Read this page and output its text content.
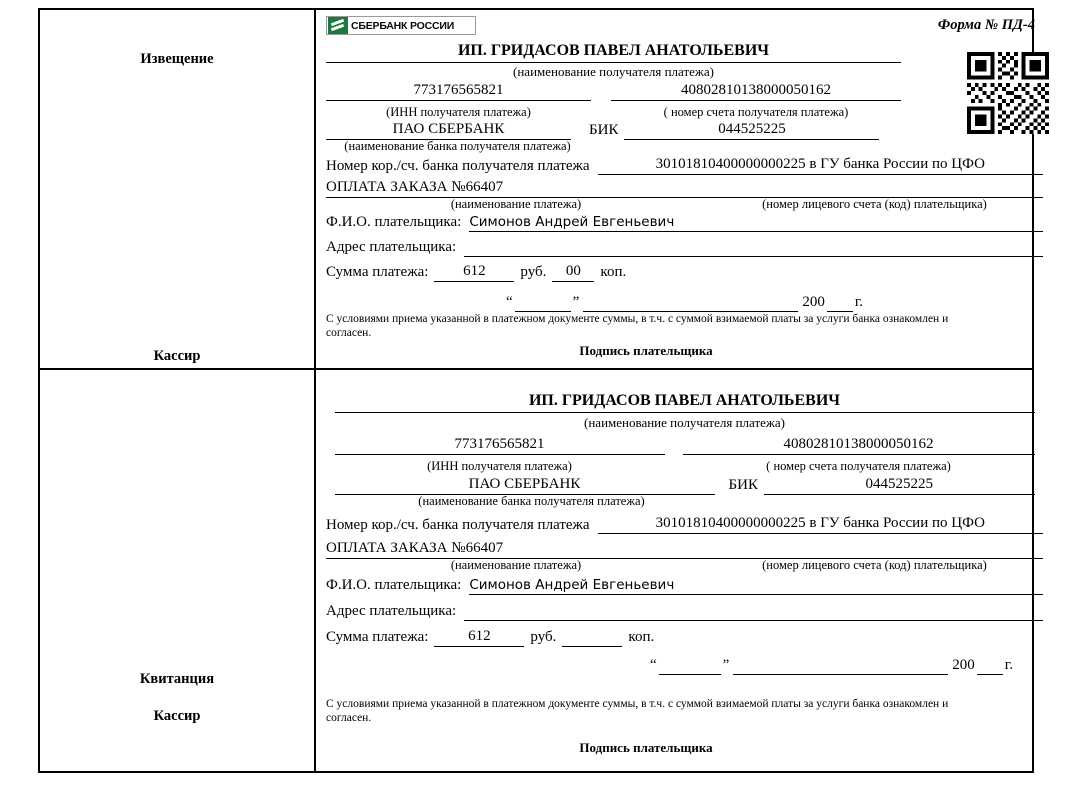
Извещение
Кассир
СБЕРБАНК РОССИИ	Форма № ПД-4
ИП. ГРИДАСОВ ПАВЕЛ АНАТОЛЬЕВИЧ
(наименование получателя платежа)
773176565821
	40802810138000050162
(ИНН получателя платежа)
	( номер счета получателя платежа)
ПАО СБЕРБАНК
	БИК	044525225
(наименование банка получателя платежа)
Номер кор./сч. банка получателя платежа	30101810400000000225 в ГУ банка России по ЦФО
ОПЛАТА ЗАКАЗА №66407
(наименование платежа)	(номер лицевого счета (код) плательщика)
Ф.И.О. плательщика: Симонов Андрей Евгеньевич
Адрес плательщика:
Сумма платежа:	612	руб.	00	коп.
“	”	200 г.
С условиями приема указанной в платежном документе суммы, в т.ч. с суммой взимаемой платы за услуги банка ознакомлен и согласен.
Подпись плательщика
Квитанция
Кассир
ИП. ГРИДАСОВ ПАВЕЛ АНАТОЛЬЕВИЧ
(наименование получателя платежа)
773176565821
	40802810138000050162
(ИНН получателя платежа)
	( номер счета получателя платежа)
ПАО СБЕРБАНК
	БИК	044525225
(наименование банка получателя платежа)
Номер кор./сч. банка получателя платежа	30101810400000000225 в ГУ банка России по ЦФО
ОПЛАТА ЗАКАЗА №66407
(наименование платежа)	(номер лицевого счета (код) плательщика)
Ф.И.О. плательщика: Симонов Андрей Евгеньевич
Адрес плательщика:
Сумма платежа:	612	руб.	коп.
“	”	200 г.
С условиями приема указанной в платежном документе суммы, в т.ч. с суммой взимаемой платы за услуги банка ознакомлен и согласен.
Подпись плательщика
